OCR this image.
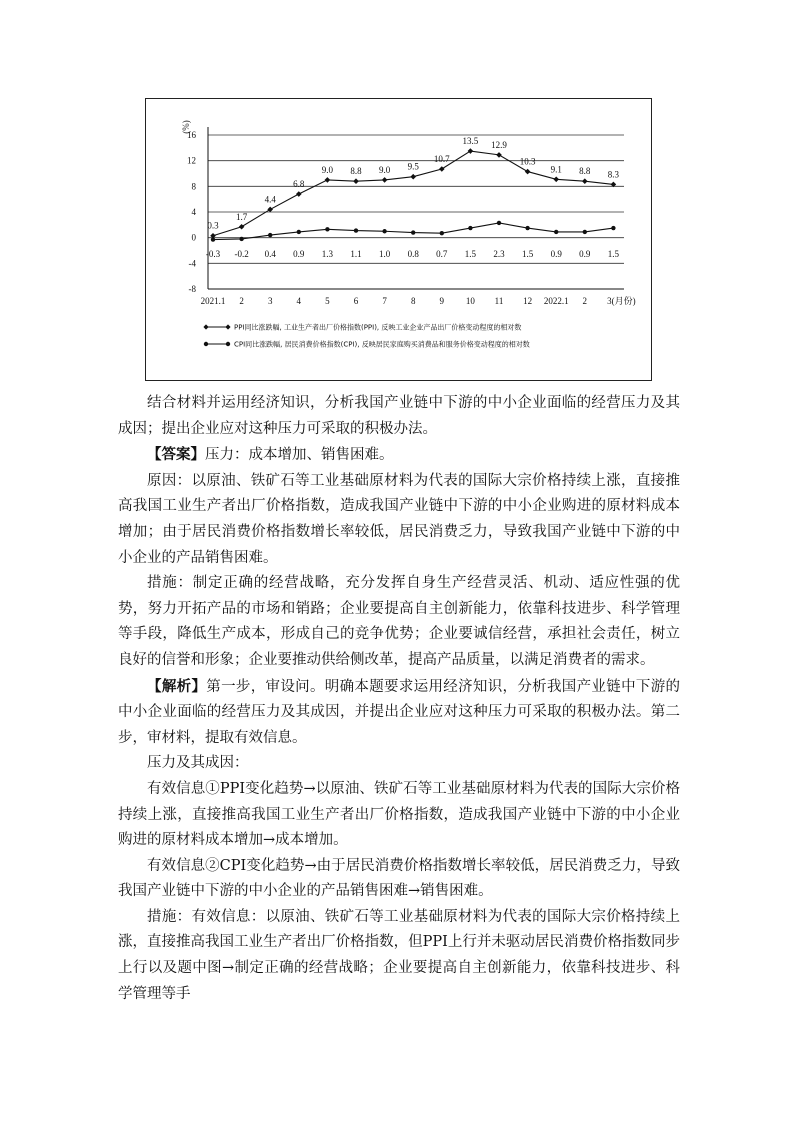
16
12
8
4
0
-4
-8
(%)
2021.1 2	3	4	5	6	7	8	9 10 11 12 2022.1 2 3(月份)
0.3
1.7
4.4
6.8
9.0 8.8 9.0 9.5
10.7
13.5 12.9
10.3
9.1 8.8 8.3
-0.3 -0.2 0.4 0.9 1.3 1.1 1.0 0.8 0.7 1.5 2.3 1.5 0.9 0.9 1.5
PPI同比涨跌幅, 工业生产者出厂价格指数(PPI), 反映工业企业产品出厂价格变动程度的相对数
CPI同比涨跌幅, 居民消费价格指数(CPI), 反映居民家庭购买消费品和服务价格变动程度的相对数

结合材料并运用经济知识，分析我国产业链中下游的中小企业面临的经营压力及其成因；提出企业应对这种压力可采取的积极办法。

【答案】压力：成本增加、销售困难。

原因：以原油、铁矿石等工业基础原材料为代表的国际大宗价格持续上涨，直接推高我国工业生产者出厂价格指数，造成我国产业链中下游的中小企业购进的原材料成本增加；由于居民消费价格指数增长率较低，居民消费乏力，导致我国产业链中下游的中小企业的产品销售困难。

措施：制定正确的经营战略，充分发挥自身生产经营灵活、机动、适应性强的优势，努力开拓产品的市场和销路；企业要提高自主创新能力，依靠科技进步、科学管理等手段，降低生产成本，形成自己的竞争优势；企业要诚信经营，承担社会责任，树立良好的信誉和形象；企业要推动供给侧改革，提高产品质量，以满足消费者的需求。

【解析】第一步，审设问。明确本题要求运用经济知识，分析我国产业链中下游的中小企业面临的经营压力及其成因，并提出企业应对这种压力可采取的积极办法。第二步，审材料，提取有效信息。

压力及其成因：

有效信息①PPI变化趋势→以原油、铁矿石等工业基础原材料为代表的国际大宗价格持续上涨，直接推高我国工业生产者出厂价格指数，造成我国产业链中下游的中小企业购进的原材料成本增加→成本增加。

有效信息②CPI变化趋势→由于居民消费价格指数增长率较低，居民消费乏力，导致我国产业链中下游的中小企业的产品销售困难→销售困难。

措施：有效信息：以原油、铁矿石等工业基础原材料为代表的国际大宗价格持续上涨，直接推高我国工业生产者出厂价格指数，但PPI上行并未驱动居民消费价格指数同步上行以及题中图→制定正确的经营战略；企业要提高自主创新能力，依靠科技进步、科学管理等手
